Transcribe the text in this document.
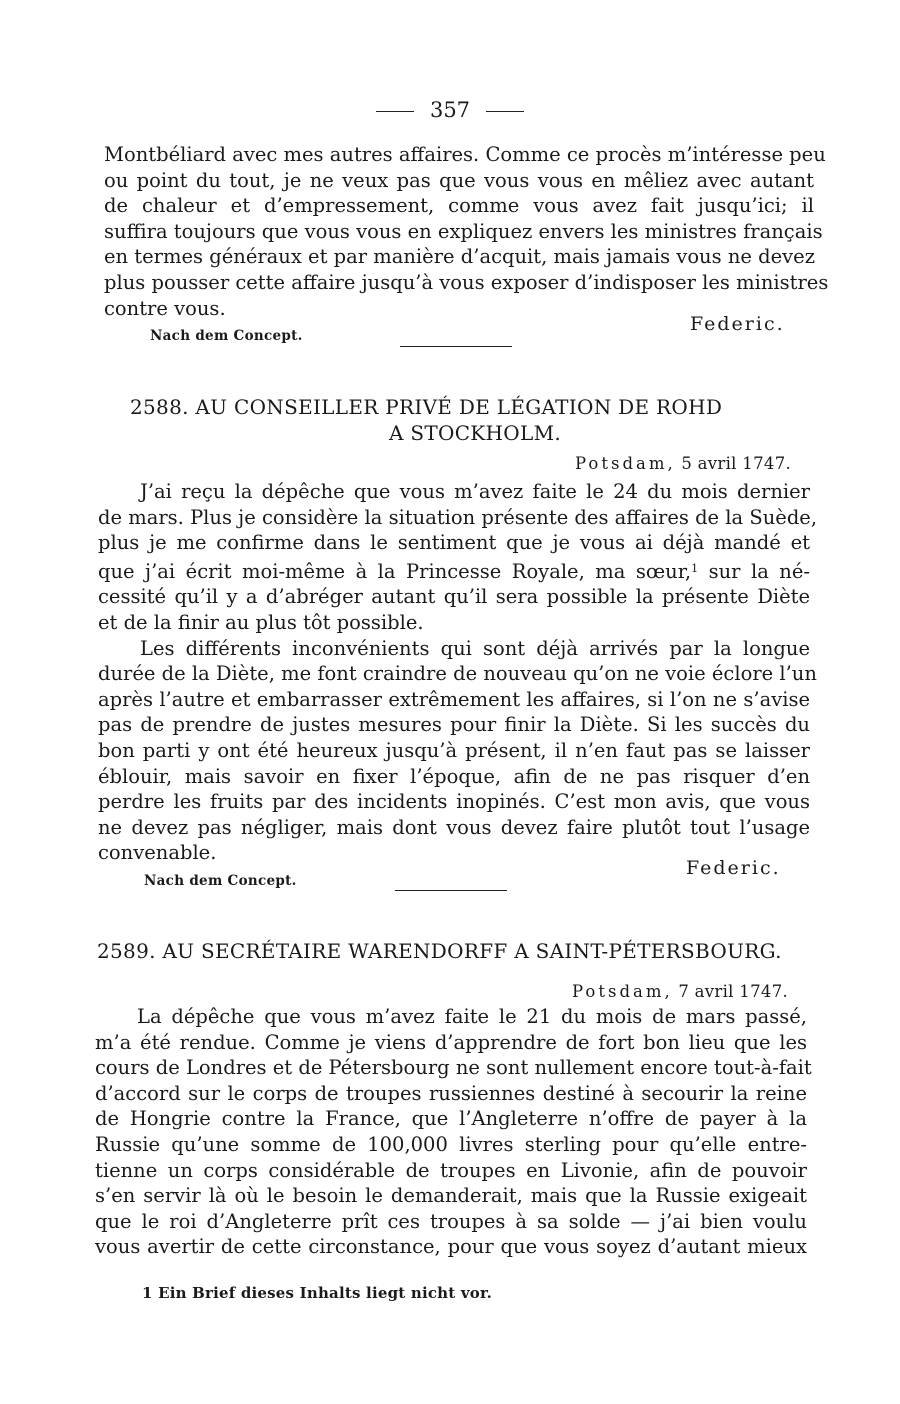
357
Montbéliard avec mes autres affaires. Comme ce procès m’intéresse peu
ou point du tout, je ne veux pas que vous vous en mêliez avec autant
de chaleur et d’empressement, comme vous avez fait jusqu’ici; il
suffira toujours que vous vous en expliquez envers les ministres français
en termes généraux et par manière d’acquit, mais jamais vous ne devez
plus pousser cette affaire jusqu’à vous exposer d’indisposer les ministres
contre vous.
Federic.
Nach dem Concept.
2588. AU CONSEILLER PRIVÉ DE LÉGATION DE ROHD
A STOCKHOLM.
Potsdam, 5 avril 1747.
J’ai reçu la dépêche que vous m’avez faite le 24 du mois dernier
de mars. Plus je considère la situation présente des affaires de la Suède,
plus je me confirme dans le sentiment que je vous ai déjà mandé et
que j’ai écrit moi-même à la Princesse Royale, ma sœur,$^1$ sur la né-
cessité qu’il y a d’abréger autant qu’il sera possible la présente Diète
et de la finir au plus tôt possible.
Les différents inconvénients qui sont déjà arrivés par la longue
durée de la Diète, me font craindre de nouveau qu’on ne voie éclore l’un
après l’autre et embarrasser extrêmement les affaires, si l’on ne s’avise
pas de prendre de justes mesures pour finir la Diète. Si les succès du
bon parti y ont été heureux jusqu’à présent, il n’en faut pas se laisser
éblouir, mais savoir en fixer l’époque, afin de ne pas risquer d’en
perdre les fruits par des incidents inopinés. C’est mon avis, que vous
ne devez pas négliger, mais dont vous devez faire plutôt tout l’usage
convenable.
Federic.
Nach dem Concept.
2589. AU SECRÉTAIRE WARENDORFF A SAINT-PÉTERSBOURG.
Potsdam, 7 avril 1747.
La dépêche que vous m’avez faite le 21 du mois de mars passé,
m’a été rendue. Comme je viens d’apprendre de fort bon lieu que les
cours de Londres et de Pétersbourg ne sont nullement encore tout-à-fait
d’accord sur le corps de troupes russiennes destiné à secourir la reine
de Hongrie contre la France, que l’Angleterre n’offre de payer à la
Russie qu’une somme de 100,000 livres sterling pour qu’elle entre-
tienne un corps considérable de troupes en Livonie, afin de pouvoir
s’en servir là où le besoin le demanderait, mais que la Russie exigeait
que le roi d’Angleterre prît ces troupes à sa solde — j’ai bien voulu
vous avertir de cette circonstance, pour que vous soyez d’autant mieux
1 Ein Brief dieses Inhalts liegt nicht vor.
